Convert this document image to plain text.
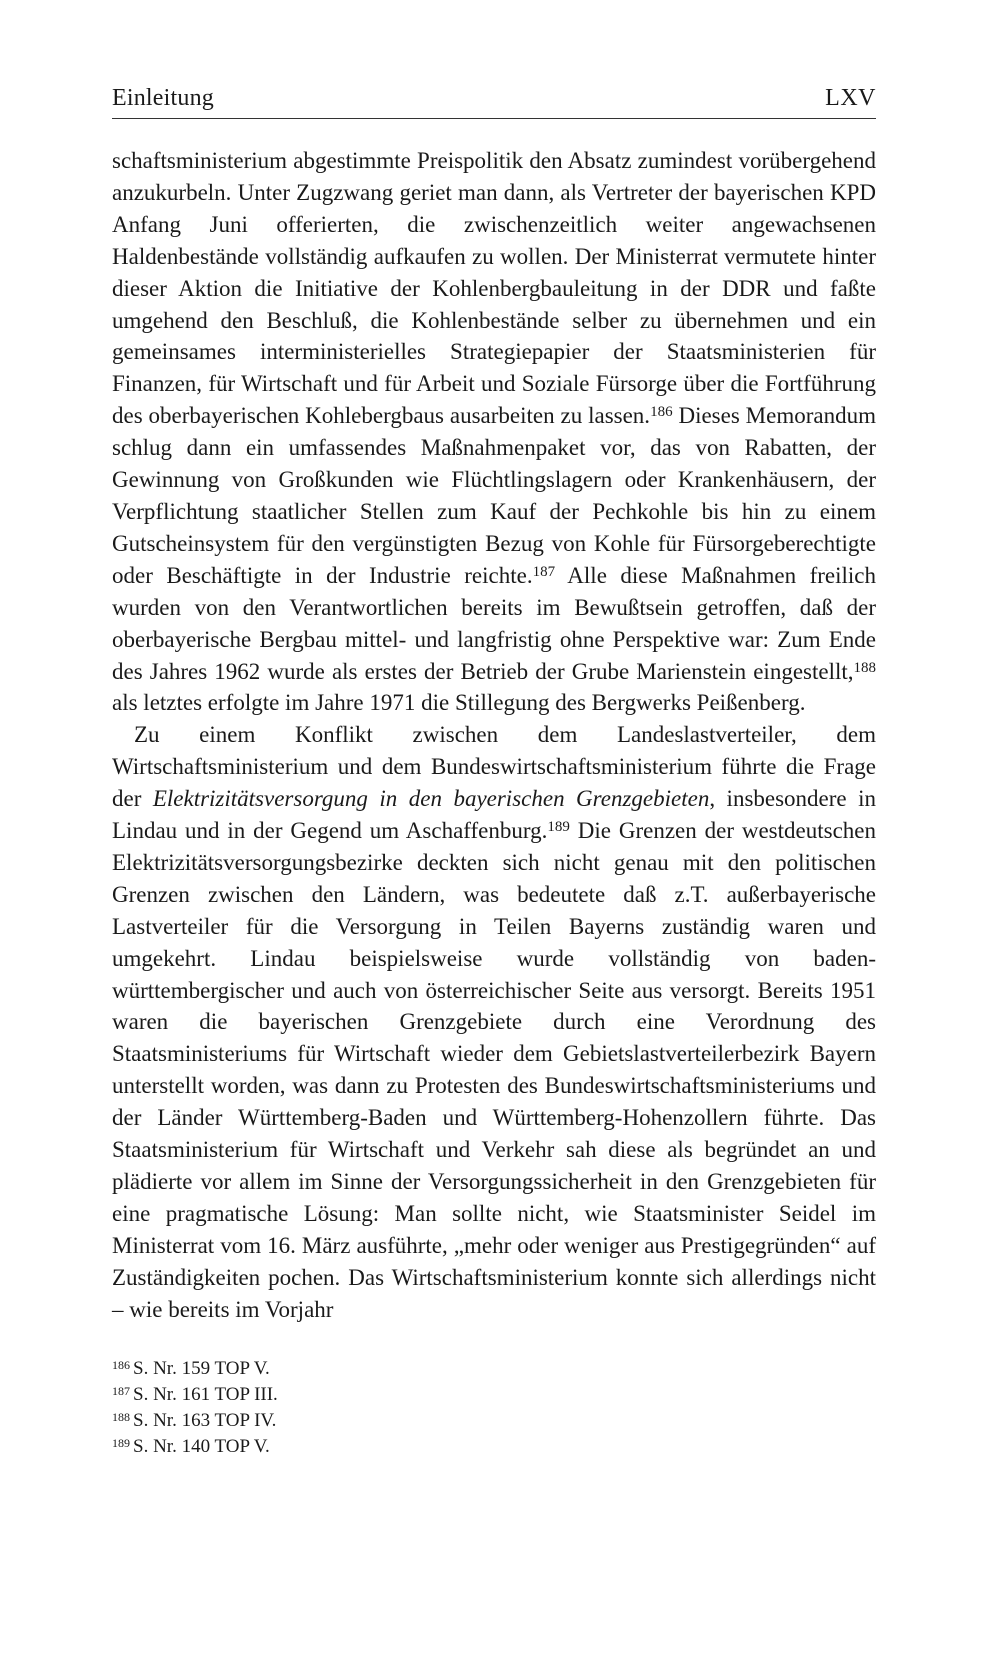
Einleitung	LXV

schaftsministerium abgestimmte Preispolitik den Absatz zumindest vorübergehend anzukurbeln. Unter Zugzwang geriet man dann, als Vertreter der bayerischen KPD Anfang Juni offerierten, die zwischenzeitlich weiter angewachsenen Haldenbestände vollständig aufkaufen zu wollen. Der Ministerrat vermutete hinter dieser Aktion die Initiative der Kohlenbergbauleitung in der DDR und faßte umgehend den Beschluß, die Kohlenbestände selber zu übernehmen und ein gemeinsames interministerielles Strategiepapier der Staatsministerien für Finanzen, für Wirtschaft und für Arbeit und Soziale Fürsorge über die Fortführung des oberbayerischen Kohlebergbaus ausarbeiten zu lassen.$^{186}$ Dieses Memorandum schlug dann ein umfassendes Maßnahmenpaket vor, das von Rabatten, der Gewinnung von Großkunden wie Flüchtlingslagern oder Krankenhäusern, der Verpflichtung staatlicher Stellen zum Kauf der Pechkohle bis hin zu einem Gutscheinsystem für den vergünstigten Bezug von Kohle für Fürsorgeberechtigte oder Beschäftigte in der Industrie reichte.$^{187}$ Alle diese Maßnahmen freilich wurden von den Verantwortlichen bereits im Bewußtsein getroffen, daß der oberbayerische Bergbau mittel- und langfristig ohne Perspektive war: Zum Ende des Jahres 1962 wurde als erstes der Betrieb der Grube Marienstein eingestellt,$^{188}$ als letztes erfolgte im Jahre 1971 die Stillegung des Bergwerks Peißenberg.

Zu einem Konflikt zwischen dem Landeslastverteiler, dem Wirtschaftsministerium und dem Bundeswirtschaftsministerium führte die Frage der Elektrizitätsversorgung in den bayerischen Grenzgebieten, insbesondere in Lindau und in der Gegend um Aschaffenburg.$^{189}$ Die Grenzen der westdeutschen Elektrizitätsversorgungsbezirke deckten sich nicht genau mit den politischen Grenzen zwischen den Ländern, was bedeutete daß z.T. außerbayerische Lastverteiler für die Versorgung in Teilen Bayerns zuständig waren und umgekehrt. Lindau beispielsweise wurde vollständig von baden-württembergischer und auch von österreichischer Seite aus versorgt. Bereits 1951 waren die bayerischen Grenzgebiete durch eine Verordnung des Staatsministeriums für Wirtschaft wieder dem Gebietslastverteilerbezirk Bayern unterstellt worden, was dann zu Protesten des Bundeswirtschaftsministeriums und der Länder Württemberg-Baden und Württemberg-Hohenzollern führte. Das Staatsministerium für Wirtschaft und Verkehr sah diese als begründet an und plädierte vor allem im Sinne der Versorgungssicherheit in den Grenzgebieten für eine pragmatische Lösung: Man sollte nicht, wie Staatsminister Seidel im Ministerrat vom 16. März ausführte, „mehr oder weniger aus Prestigegründen“ auf Zuständigkeiten pochen. Das Wirtschaftsministerium konnte sich allerdings nicht – wie bereits im Vorjahr

$^{186}$ S. Nr. 159 TOP V.
$^{187}$ S. Nr. 161 TOP III.
$^{188}$ S. Nr. 163 TOP IV.
$^{189}$ S. Nr. 140 TOP V.
